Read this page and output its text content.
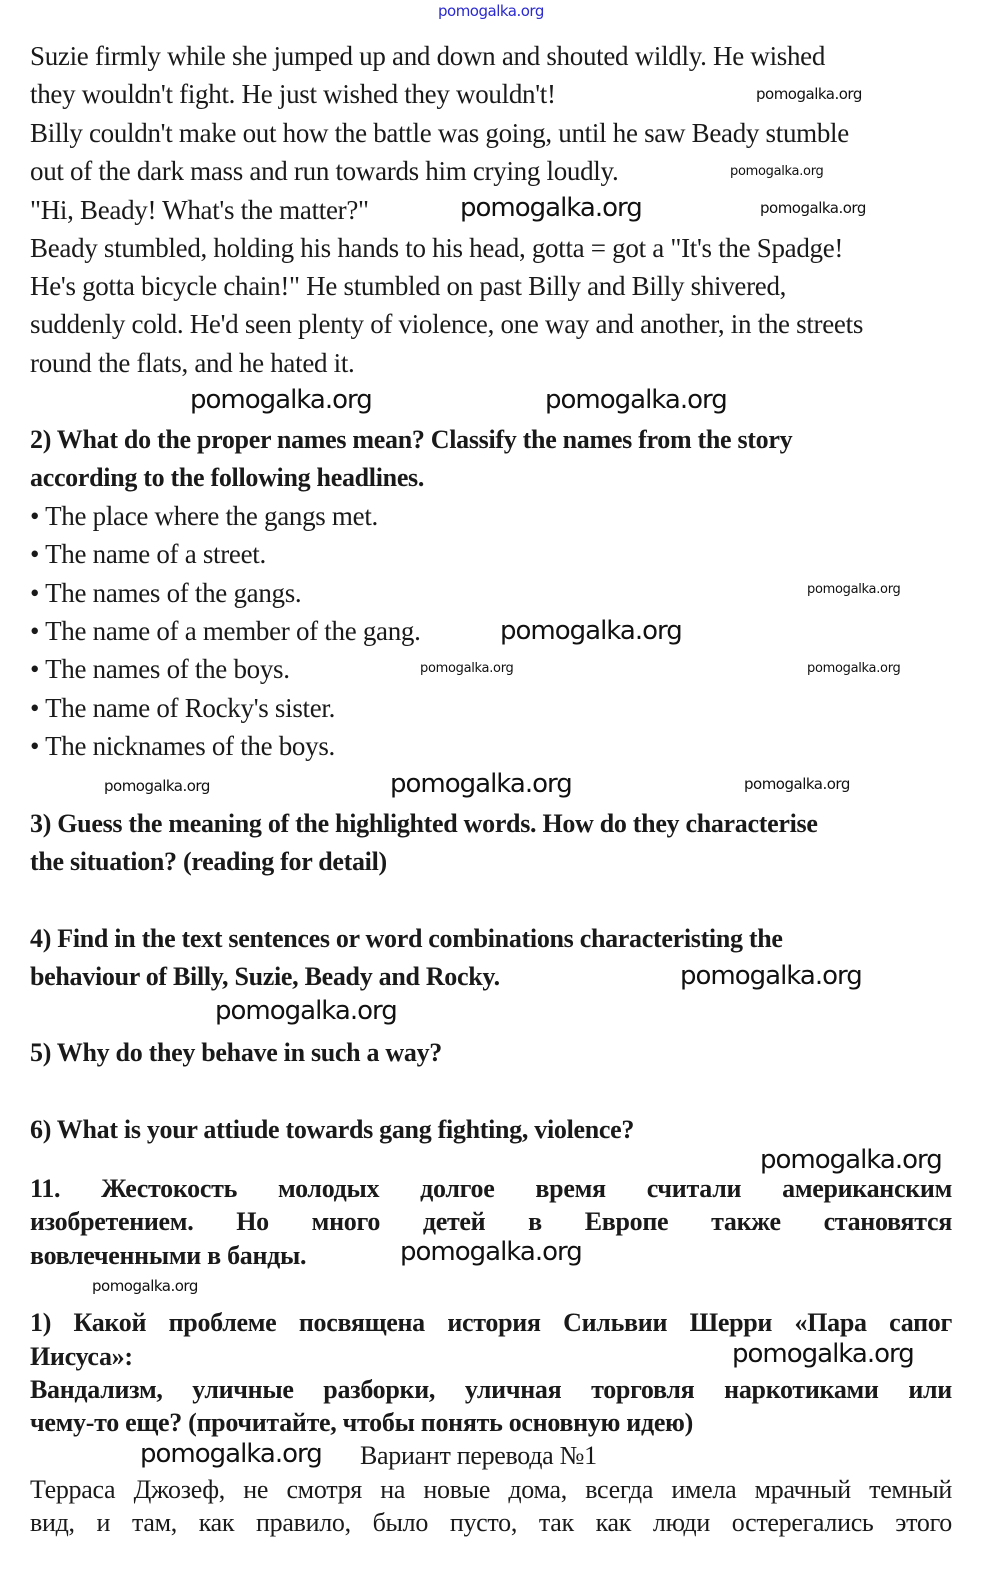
pomogalka.org
Suzie firmly while she jumped up and down and shouted wildly. He wished
they wouldn't fight. He just wished they wouldn't!
Billy couldn't make out how the battle was going, until he saw Beady stumble
out of the dark mass and run towards him crying loudly.
"Hi, Beady! What's the matter?"
Beady stumbled, holding his hands to his head, gotta = got a "It's the Spadge!
He's gotta bicycle chain!" He stumbled on past Billy and Billy shivered,
suddenly cold. He'd seen plenty of violence, one way and another, in the streets
round the flats, and he hated it.
2) What do the proper names mean? Classify the names from the story
according to the following headlines.
• The place where the gangs met.
• The name of a street.
• The names of the gangs.
• The name of a member of the gang.
• The names of the boys.
• The name of Rocky's sister.
• The nicknames of the boys.
3) Guess the meaning of the highlighted words. How do they characterise
the situation? (reading for detail)
4) Find in the text sentences or word combinations characteristing the
behaviour of Billy, Suzie, Beady and Rocky.
5) Why do they behave in such a way?
6) What is your attiude towards gang fighting, violence?
11. Жестокость молодых долгое время считали американским
изобретением. Но много детей в Европе также становятся
вовлеченными в банды.
1) Какой проблеме посвящена история Сильвии Шерри «Пара сапог
Иисуса»:
Вандализм, уличные разборки, уличная торговля наркотиками или
чему-то еще? (прочитайте, чтобы понять основную идею)
Вариант перевода №1
Терраса Джозеф, не смотря на новые дома, всегда имела мрачный темный
вид, и там, как правило, было пусто, так как люди остерегались этого
pomogalka.org
pomogalka.org
pomogalka.org	pomogalka.org
pomogalka.org	pomogalka.org
pomogalka.org
pomogalka.org
pomogalka.org	pomogalka.org
pomogalka.org	pomogalka.org	pomogalka.org
pomogalka.org
pomogalka.org
pomogalka.org
pomogalka.org
pomogalka.org
pomogalka.org
pomogalka.org
